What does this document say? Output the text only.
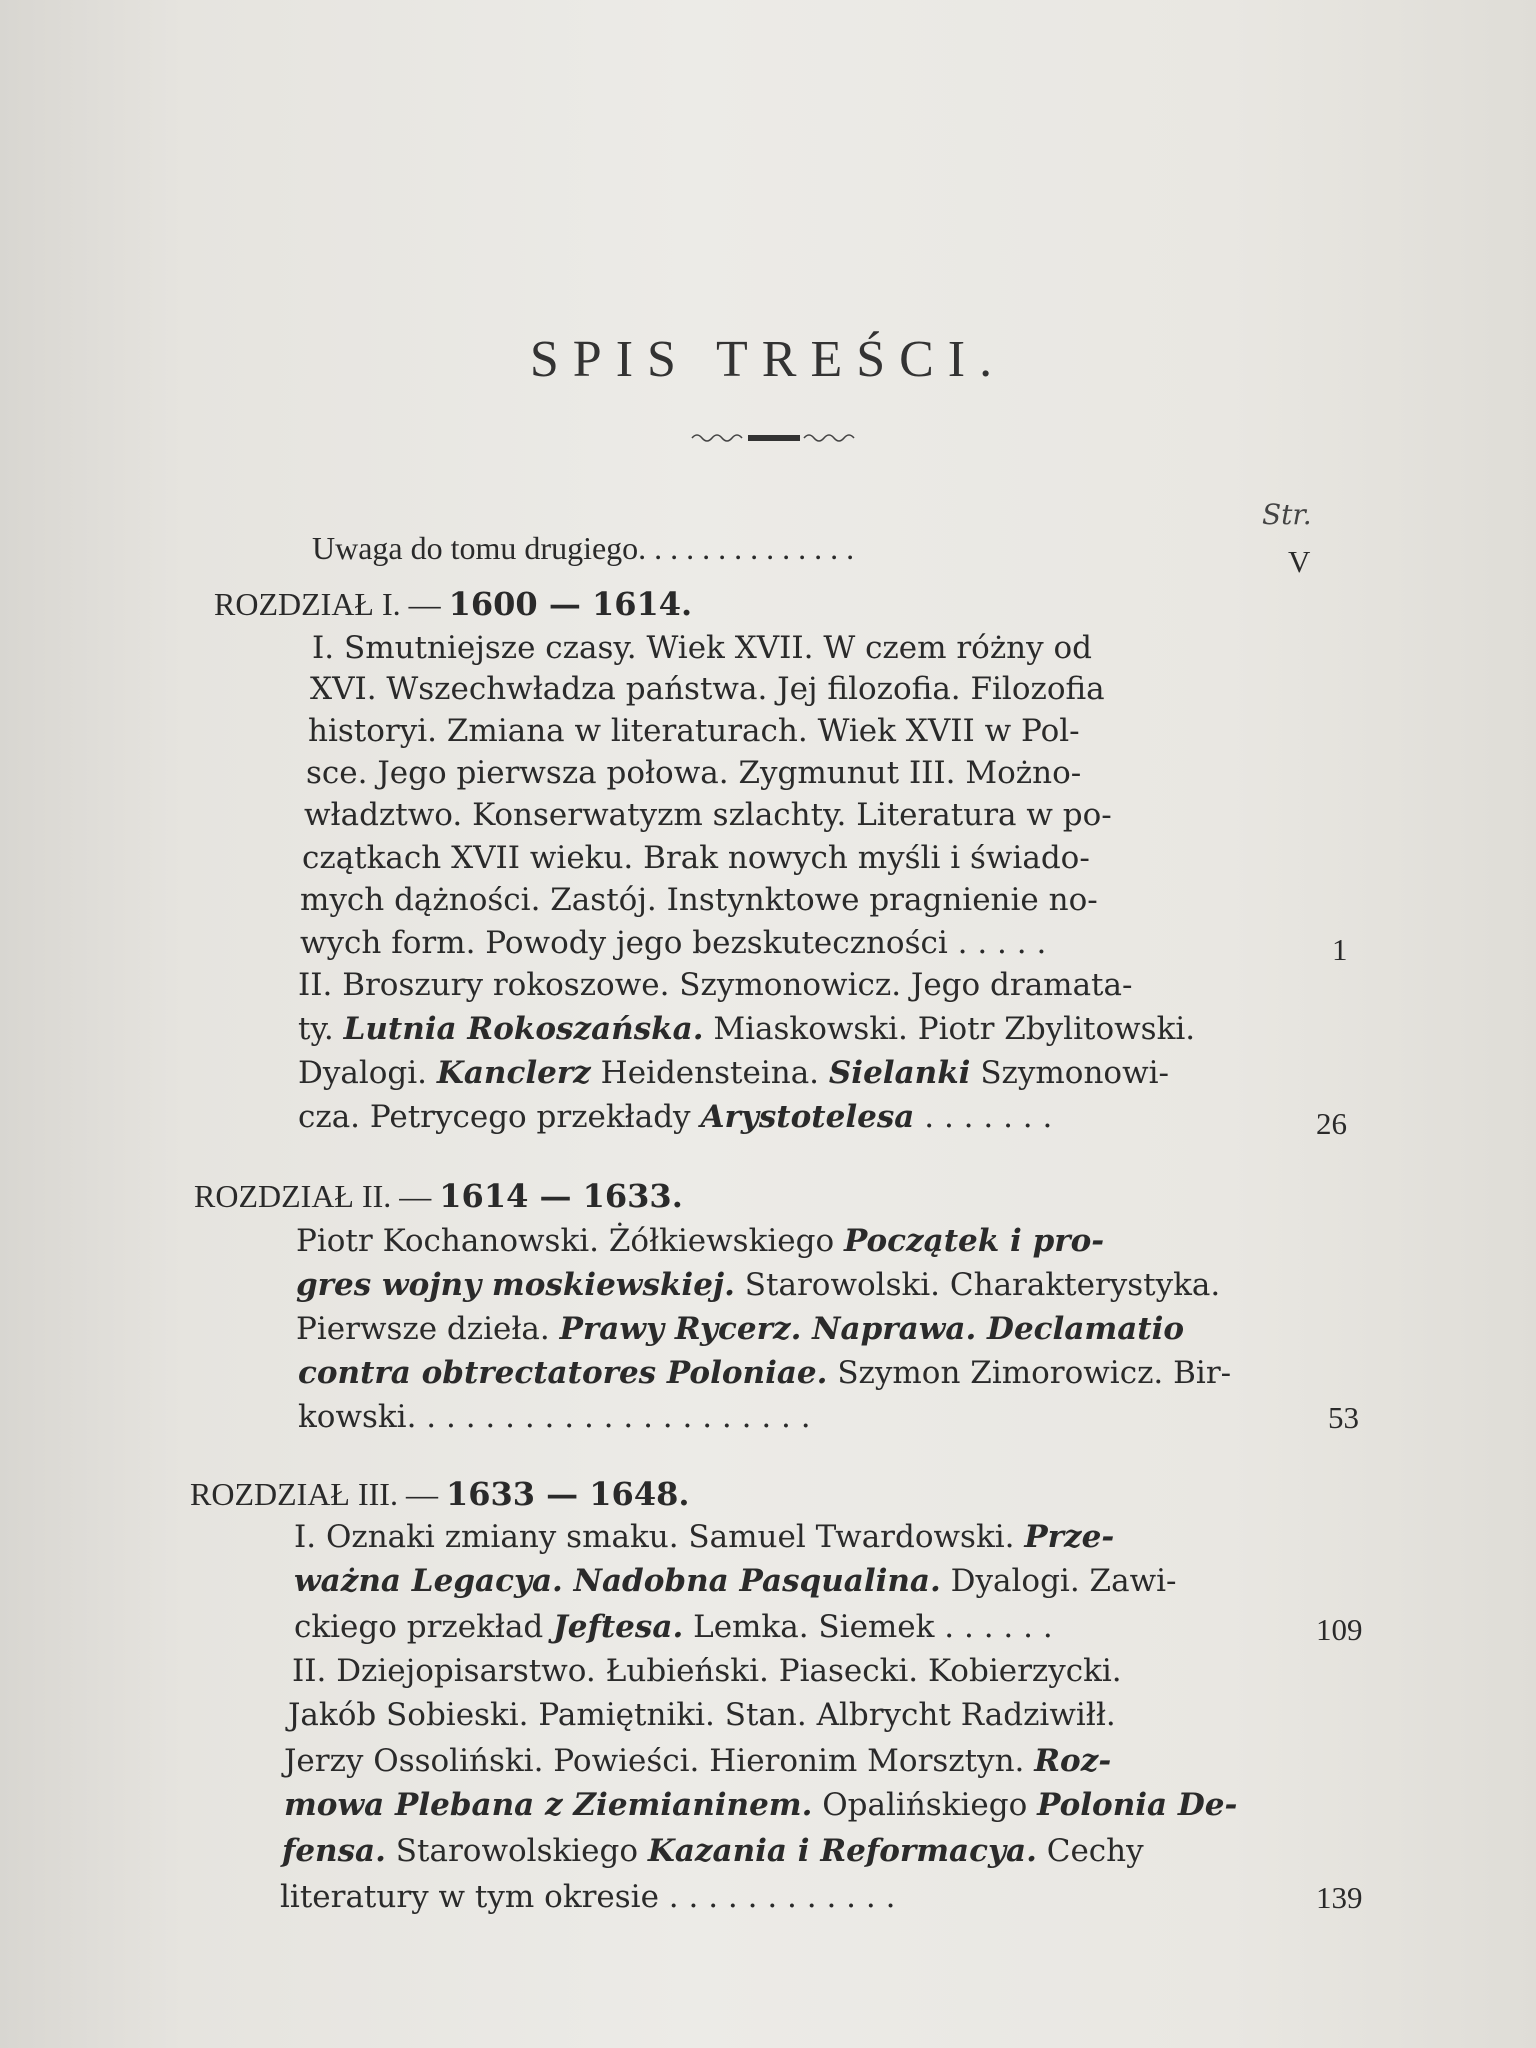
SPIS TREŚCI.
Str.
Uwaga do tomu drugiego. . . . . . . . . . . . . .	V
ROZDZIAŁ I. — 1600 — 1614.
I. Smutniejsze czasy. Wiek XVII. W czem różny od
XVI. Wszechwładza państwa. Jej filozofia. Filozofia
historyi. Zmiana w literaturach. Wiek XVII w Pol-
sce. Jego pierwsza połowa. Zygmunut III. Możno-
władztwo. Konserwatyzm szlachty. Literatura w po-
czątkach XVII wieku. Brak nowych myśli i świado-
mych dążności. Zastój. Instynktowe pragnienie no-
wych form. Powody jego bezskuteczności . . . . .	1
II. Broszury rokoszowe. Szymonowicz. Jego dramata-
ty. Lutnia Rokoszańska. Miaskowski. Piotr Zbylitowski.
Dyalogi. Kanclerz Heidensteina. Sielanki Szymonowi-
cza. Petrycego przekłady Arystotelesa . . . . . . .	26
ROZDZIAŁ II. — 1614 — 1633.
Piotr Kochanowski. Żółkiewskiego Początek i pro-
gres wojny moskiewskiej. Starowolski. Charakterystyka.
Pierwsze dzieła. Prawy Rycerz. Naprawa. Declamatio
contra obtrectatores Poloniae. Szymon Zimorowicz. Bir-
kowski. . . . . . . . . . . . . . . . . . . . .	53
ROZDZIAŁ III. — 1633 — 1648.
I. Oznaki zmiany smaku. Samuel Twardowski. Prze-
ważna Legacya. Nadobna Pasqualina. Dyalogi. Zawi-
ckiego przekład Jeftesa. Lemka. Siemek . . . . . .	109
II. Dziejopisarstwo. Łubieński. Piasecki. Kobierzycki.
Jakób Sobieski. Pamiętniki. Stan. Albrycht Radziwiłł.
Jerzy Ossoliński. Powieści. Hieronim Morsztyn. Roz-
mowa Plebana z Ziemianinem. Opalińskiego Polonia De-
fensa. Starowolskiego Kazania i Reformacya. Cechy
literatury w tym okresie . . . . . . . . . . . .	139
